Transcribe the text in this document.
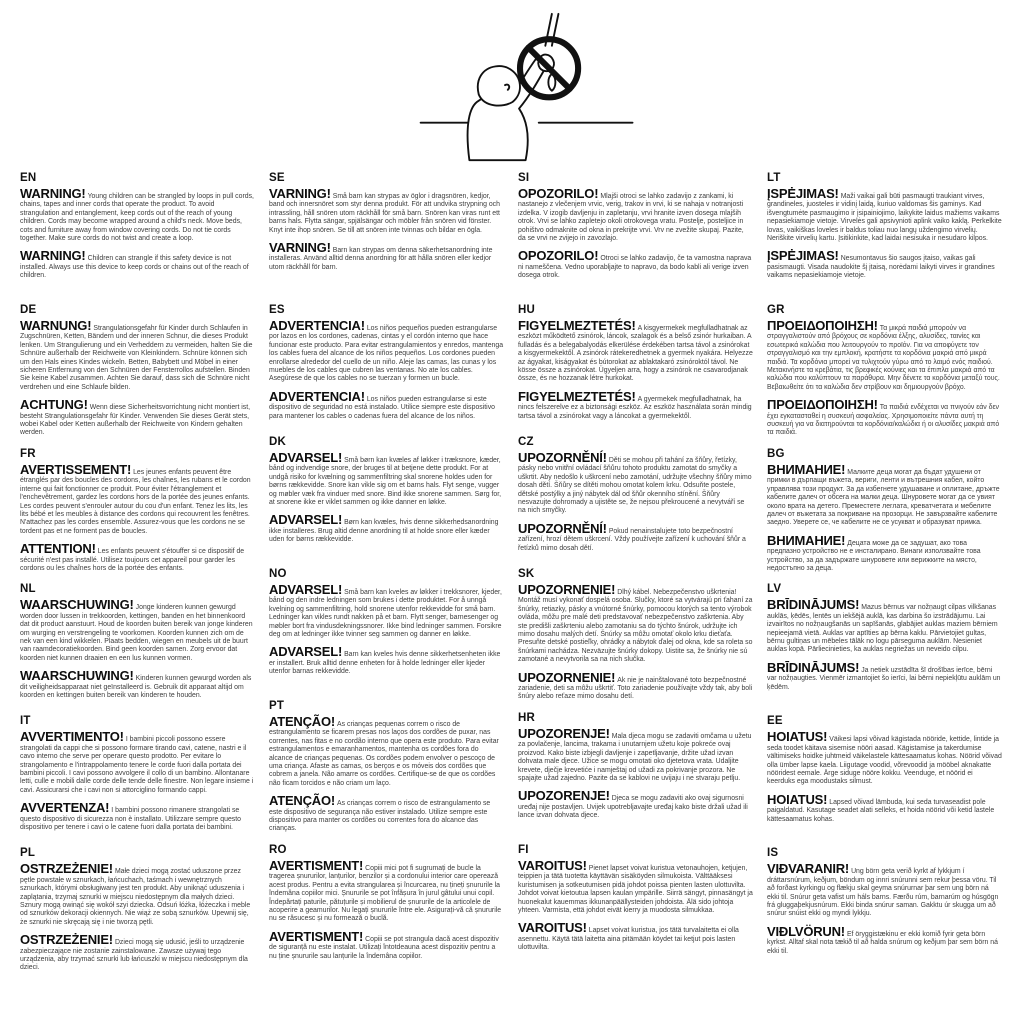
EN

WARNING! Young children can be strangled by loops in pull cords, chains, tapes and inner cords that operate the product. To avoid strangulation and entanglement, keep cords out of the reach of young children. Cords may become wrapped around a child's neck. Move beds, cots and furniture away from window covering cords. Do not tie cords together. Make sure cords do not twist and create a loop.

WARNING! Children can strangle if this safety device is not installed. Always use this device to keep cords or chains out of the reach of children.

DE

WARNUNG! Strangulationsgefahr für Kinder durch Schlaufen in Zugschnüren, Ketten, Bändern und der inneren Schnur, die dieses Produkt lenken. Um Strangulierung und ein Verheddern zu vermeiden, halten Sie die Schnüre außerhalb der Reichweite von Kleinkindern. Schnüre können sich um den Hals eines Kindes wickeln. Betten, Babybett und Möbel in einer sicheren Entfernung von den Schnüren der Fensterrollos aufstellen. Binden Sie keine Kabel zusammen. Achten Sie darauf, dass sich die Schnüre nicht verdrehen und eine Schlaufe bilden.

ACHTUNG! Wenn diese Sicherheitsvorrichtung nicht montiert ist, besteht Strangulationsgefahr für Kinder. Verwenden Sie dieses Gerät stets, wobei Kabel oder Ketten außerhalb der Reichweite von Kindern gehalten werden.

FR

AVERTISSEMENT! Les jeunes enfants peuvent être étranglés par des boucles des cordons, les chaînes, les rubans et le cordon interne qui fait fonctionner ce produit. Pour éviter l'étranglement et l'enchevêtrement, gardez les cordons hors de la portée des jeunes enfants. Les cordes peuvent s'enrouler autour du cou d'un enfant. Tenez les lits, les lits bébé et les meubles à distance des cordons qui recouvrent les fenêtres. N'attachez pas les cordes ensemble. Assurez-vous que les cordons ne se tordent pas et ne forment pas de boucles.

ATTENTION! Les enfants peuvent s'étouffer si ce dispositif de sécurité n'est pas installé. Utilisez toujours cet appareil pour garder les cordons ou les chaînes hors de la portée des enfants.

NL

WAARSCHUWING! Jonge kinderen kunnen gewurgd worden door lussen in trekkoorden, kettingen, banden en het binnenkoord dat dit product aanstuurt. Houd de koorden buiten bereik van jonge kinderen om wurging en verstrengeling te voorkomen. Koorden kunnen zich om de nek van een kind wikkelen. Plaats bedden, wiegen en meubels uit de buurt van raamdecoratiekoorden. Bind geen koorden samen. Zorg ervoor dat koorden niet kunnen draaien en een lus kunnen vormen.

WAARSCHUWING! Kinderen kunnen gewurgd worden als dit veiligheidsapparaat niet geïnstalleerd is. Gebruik dit apparaat altijd om koorden en kettingen buiten bereik van kinderen te houden.

IT

AVVERTIMENTO! I bambini piccoli possono essere strangolati da cappi che si possono formare tirando cavi, catene, nastri e il cavo interno che serve per operare questo prodotto. Per evitare lo strangolamento e l'intrappolamento tenere le corde fuori dalla portata dei bambini piccoli. I cavi possono avvolgere il collo di un bambino. Allontanare letti, culle e mobili dalle corde delle tende delle finestre. Non legare insieme i cavi. Assicurarsi che i cavi non si attorciglino formando cappi.

AVVERTENZA! I bambini possono rimanere strangolati se questo dispositivo di sicurezza non è installato. Utilizzare sempre questo dispositivo per tenere i cavi o le catene fuori dalla portata dei bambini.

PL

OSTRZEŻENIE! Małe dzieci mogą zostać uduszone przez pętle powstałe w sznurkach, łańcuchach, taśmach i wewnętrznych sznurkach, którymi obsługiwany jest ten produkt. Aby uniknąć uduszenia i zaplątania, trzymaj sznurki w miejscu niedostępnym dla małych dzieci. Sznury mogą owinąć się wokół szyi dziecka. Odsuń łóżka, łóżeczka i meble od sznurków dekoracji okiennych. Nie wiąż ze sobą sznurków. Upewnij się, że sznurki nie skręcają się i nie tworzą pętli.

OSTRZEŻENIE! Dzieci mogą się udusić, jeśli to urządzenie zabezpieczające nie zostanie zainstalowane. Zawsze używaj tego urządzenia, aby trzymać sznurki lub łańcuszki w miejscu niedostępnym dla dzieci.

SE

VARNING! Små barn kan strypas av öglor i dragsnören, kedjor, band och innersnöret som styr denna produkt. För att undvika strypning och intrassling, håll snören utom räckhåll för små barn. Snören kan viras runt ett barns hals. Flytta sängar, spjälsängar och möbler från snören vid fönster. Knyt inte ihop snören. Se till att snören inte tvinnas och bildar en ögla.

VARNING! Barn kan strypas om denna säkerhetsanordning inte installeras. Använd alltid denna anordning för att hålla snören eller kedjor utom räckhåll för barn.

ES

ADVERTENCIA! Los niños pequeños pueden estrangularse por lazos en los cordones, cadenas, cintas y el cordón interno que hace funcionar este producto. Para evitar estrangulamientos y enredos, mantenga los cables fuera del alcance de los niños pequeños. Los cordones pueden enrollarse alrededor del cuello de un niño. Aleje las camas, las cunas y los muebles de los cables que cubren las ventanas. No ate los cables. Asegúrese de que los cables no se tuerzan y formen un bucle.

ADVERTENCIA! Los niños pueden estrangularse si este dispositivo de seguridad no está instalado. Utilice siempre este dispositivo para mantener los cables o cadenas fuera del alcance de los niños.

DK

ADVARSEL! Små børn kan kvæles af løkker i træksnore, kæder, bånd og indvendige snore, der bruges til at betjene dette produkt. For at undgå risiko for kvælning og sammenfiltring skal snorene holdes uden for børns rækkevidde. Snore kan vikle sig om et barns hals. Flyt senge, vugger og møbler væk fra vinduer med snore. Bind ikke snorene sammen. Sørg for, at snorene ikke er viklet sammen og ikke danner en løkke.

ADVARSEL! Børn kan kvæles, hvis denne sikkerhedsanordning ikke installeres. Brug altid denne anordning til at holde snore eller kæder uden for børns rækkevidde.

NO

ADVARSEL! Små barn kan kveles av løkker i trekksnorer, kjeder, bånd og den indre ledningen som brukes i dette produktet. For å unngå kvelning og sammenfiltring, hold snorene utenfor rekkevidde for små barn. Ledninger kan vikles rundt nakken på et barn. Flytt senger, barnesenger og møbler bort fra vindusdekningssnorer. Ikke bind ledninger sammen. Forsikre deg om at ledninger ikke tvinner seg sammen og danner en løkke.

ADVARSEL! Barn kan kveles hvis denne sikkerhetsenheten ikke er installert. Bruk alltid denne enheten for å holde ledninger eller kjeder utenfor barnas rekkevidde.

PT

ATENÇÃO! As crianças pequenas correm o risco de estrangulamento se ficarem presas nos laços dos cordões de puxar, nas correntes, nas fitas e no cordão interno que opera este produto. Para evitar estrangulamentos e emaranhamentos, mantenha os cordões fora do alcance de crianças pequenas. Os cordões podem envolver o pescoço de uma criança. Afaste as camas, os berços e os móveis dos cordões que cobrem a janela. Não amarre os cordões. Certifique-se de que os cordões não ficam torcidos e não criam um laço.

ATENÇÃO! As crianças correm o risco de estrangulamento se este dispositivo de segurança não estiver instalado. Utilize sempre este dispositivo para manter os cordões ou correntes fora do alcance das crianças.

RO

AVERTISMENT! Copiii mici pot fi sugrumați de bucle la tragerea șnururilor, lanțurilor, benzilor și a cordonului interior care operează acest produs. Pentru a evita strangularea și încurcarea, nu țineți șnururile la îndemâna copiilor mici. Șnururile se pot înfășura în jurul gâtului unui copil. Îndepărtați paturile, pătuțurile și mobilierul de șnururile de la articolele de acoperire a geamurilor. Nu legați șnururile între ele. Asigurați-vă că șnururile nu se răsucesc și nu formează o buclă.

AVERTISMENT! Copiii se pot strangula dacă acest dispozitiv de siguranță nu este instalat. Utilizați întotdeauna acest dispozitiv pentru a nu ține șnururile sau lanțurile la îndemâna copiilor.

SI

OPOZORILO! Mlajši otroci se lahko zadavijo z zankami, ki nastanejo z vlečenjem vrvic, verig, trakov in vrvi, ki se nahaja v notranjosti izdelka. V izogib davljenju in zapletanju, vrvi hranite izven dosega mlajših otrok. Vrvi se lahko zapletejo okoli otrokovega vratu. Postelje, posteljice in pohištvo odmaknite od okna in prekrijte vrvi. Vrv ne zvežite skupaj. Pazite, da se vrvi ne zvijejo in zavozlajo.

OPOZORILO! Otroci se lahko zadavijo, če ta varnostna naprava ni nameščena. Vedno uporabljajte to napravo, da bodo kabli ali verige izven dosega otrok.

HU

FIGYELMEZTETÉS! A kisgyermekek megfulladhatnak az eszközt működtető zsinórok, láncok, szalagok és a belső zsinór hurkaiban. A fulladás és a belegabalyodás elkerülése érdekében tartsa távol a zsinórokat a kisgyermekektől. A zsinórok rátekeredhetnek a gyermek nyakára. Helyezze az ágyakat, kiságyakat és bútorokat az ablaktakaró zsinóroktól távol. Ne kösse össze a zsinórokat. Ügyeljen arra, hogy a zsinórok ne csavarodjanak össze, és ne hozzanak létre hurkokat.

FIGYELMEZTETÉS! A gyermekek megfulladhatnak, ha nincs felszerelve ez a biztonsági eszköz. Az eszköz használata során mindig tartsa távol a zsinórokat vagy a láncokat a gyermekektől.

CZ

UPOZORNĚNÍ! Děti se mohou při tahání za šňůry, řetízky, pásky nebo vnitřní ovládací šňůru tohoto produktu zamotat do smyčky a uškrtit. Aby nedošlo k uškrcení nebo zamotání, udržujte všechny šňůry mimo dosah dětí. Šňůry se dítěti mohou omotat kolem krku. Odsuňte postele, dětské postýlky a jiný nábytek dál od šňůr okenního stínění. Šňůry nesvazujte dohromady a ujistěte se, že nejsou překroucené a nevytváří se na nich smyčky.

UPOZORNĚNÍ! Pokud nenainstalujete toto bezpečnostní zařízení, hrozí dětem uškrcení. Vždy používejte zařízení k uchování šňůr a řetízků mimo dosah dětí.

SK

UPOZORNENIE! Dlhý kábel. Nebezpečenstvo uškrtenia! Montáž musí vykonať dospelá osoba. Slučky, ktoré sa vytvárajú pri ťahaní za šnúrky, retiazky, pásky a vnútorné šnúrky, pomocou ktorých sa tento výrobok ovláda, môžu pre malé deti predstavovať nebezpečenstvo zaškrtenia. Aby ste predišli zaškrteniu alebo zamotaniu sa do týchto šnúrok, udržujte ich mimo dosahu malých detí. Šnúrky sa môžu omotať okolo krku dieťaťa. Presuňte detské postieľky, ohrádky a nábytok ďalej od okna, kde sa roleta so šnúrkami nachádza. Nezväzujte šnúrky dokopy. Uistite sa, že šnúrky nie sú zamotané a nevytvorila sa na nich slučka.

UPOZORNENIE! Ak nie je nainštalované toto bezpečnostné zariadenie, deti sa môžu uškrtiť. Toto zariadenie používajte vždy tak, aby boli šnúry alebo reťaze mimo dosahu detí.

HR

UPOZORENJE! Mala djeca mogu se zadaviti omčama u užetu za povlačenje, lancima, trakama i unutarnjem užetu koje pokreće ovaj proizvod. Kako biste izbjegli davljenje i zapetljavanje, držite užad izvan dohvata male djece. Užice se mogu omotati oko djetetova vrata. Udaljite krevete, dječje krevetiće i namještaj od užadi za pokrivanje prozora. Ne spajajte užad zajedno. Pazite da se kablovi ne uvijaju i ne stvaraju petlju.

UPOZORENJE! Djeca se mogu zadaviti ako ovaj sigurnosni uređaj nije postavljen. Uvijek upotrebljavajte uređaj kako biste držali užad ili lance izvan dohvata djece.

FI

VAROITUS! Pienet lapset voivat kuristua vetonauhojen, ketjujen, teippien ja tätä tuotetta käyttävän sisäköyden silmukoista. Välttääksesi kuristumisen ja sotkeutumisen pidä johdot poissa pienten lasten ulottuvilta. Johdot voivat kietoutua lapsen kaulan ympärille. Siirrä sängyt, pinnasängyt ja huonekalut kauemmas ikkunanpäällysteiden johdoista. Älä sido johtoja yhteen. Varmista, että johdot eivät kierry ja muodosta silmukkaa.

VAROITUS! Lapset voivat kuristua, jos tätä turvalaitetta ei olla asennettu. Käytä tätä laitetta aina pitämään köydet tai ketjut pois lasten ulottuvilta.

LT

ĮSPĖJIMAS! Maži vaikai gali būti pasmaugti traukiant virves, grandineles, juosteles ir vidinį laidą, kuriuo valdomas šis gaminys. Kad išvengtumėte pasmaugimo ir įsipainiojimo, laikykite laidus mažiems vaikams nepasiekiamoje vietoje. Virvelės gali apsivynioti aplink vaiko kaklą. Perkelkite lovas, vaikiškas loveles ir baldus toliau nuo langų uždengimo virvelių. Neriškite virvelių kartu. Įsitikinkite, kad laidai nesisuka ir nesudaro kilpos.

ĮSPĖJIMAS! Nesumontavus šio saugos įtaiso, vaikas gali pasismaugti. Visada naudokite šį įtaisą, norėdami laikyti virves ir grandines vaikams nepasiekiamoje vietoje.

GR

ΠΡΟΕΙΔΟΠΟΙΗΣΗ! Τα μικρά παιδιά μπορούν να στραγγαλιστούν από βρόχους σε κορδόνια έλξης, αλυσίδες, ταινίες και εσωτερικά καλώδια που λειτουργούν το προϊόν. Για να αποφύγετε τον στραγγαλισμό και την εμπλοκή, κρατήστε τα κορδόνια μακριά από μικρά παιδιά. Τα κορδόνια μπορεί να τυλιχτούν γύρω από το λαιμό ενός παιδιού. Μετακινήστε τα κρεβάτια, τις βρεφικές κούνιες και τα έπιπλα μακριά από τα καλώδια που καλύπτουν τα παράθυρα. Μην δένετε τα κορδόνια μεταξύ τους. Βεβαιωθείτε ότι τα καλώδια δεν στρίβουν και δημιουργούν βρόχο.

ΠΡΟΕΙΔΟΠΟΙΗΣΗ! Τα παιδιά ενδέχεται να πνιγούν εάν δεν έχει εγκατασταθεί η συσκευή ασφαλείας. Χρησιμοποιείτε πάντα αυτή τη συσκευή για να διατηρούνται τα κορδόνια/καλώδια ή οι αλυσίδες μακριά από τα παιδιά.

BG

ВНИМАНИЕ! Малките деца могат да бъдат удушени от примки в дърпащи въжета, вериги, ленти и вътрешния кабел, който управлява този продукт. За да избегнете удушаване и оплитане, дръжте кабелите далеч от обсега на малки деца. Шнуровете могат да се увият около врата на детето. Преместете леглата, креватчетата и мебелите далеч от въжетата за покриване на прозорци. Не завързвайте кабелите заедно. Уверете се, че кабелите не се усукват и образуват примка.

ВНИМАНИЕ! Децата може да се задушат, ако това предпазно устройство не е инсталирано. Винаги използвайте това устройство, за да задържате шнуровете или верижките на място, недостъпно за деца.

LV

BRĪDINĀJUMS! Mazus bērnus var nožņaugt cilpas vilkšanas auklās, ķēdēs, lentēs un iekšējā auklā, kas darbina šo izstrādājumu. Lai izvairītos no nožņaugšanās un sapīšanās, glabājiet auklas maziem bērniem nepieejamā vietā. Auklas var aptīties ap bērna kaklu. Pārvietojiet gultas, bērnu gultiņas un mēbeles tālāk no logu pārseguma auklām. Nesieniet auklas kopā. Pārliecinieties, ka auklas negriežas un neveido cilpu.

BRĪDINĀJUMS! Ja netiek uzstādīta šī drošības ierīce, bērni var nožņaugties. Vienmēr izmantojiet šo ierīci, lai bērni nepiekļūtu auklām un ķēdēm.

EE

HOIATUS! Väikesi lapsi võivad kägistada nööride, kettide, lintide ja seda toodet käitava sisemise nööri aasad. Kägistamise ja takerdumise vältimiseks hoidke juhtmeid väikelastele kättesaamatus kohas. Nöörid võivad olla ümber lapse kaela. Liigutage voodid, võrevoodid ja mööbel aknakatte nööridest eemale. Ärge siduge nööre kokku. Veenduge, et nöörid ei keerduks ega moodustaks silmust.

HOIATUS! Lapsed võivad lämbuda, kui seda turvaseadist pole paigaldatud. Kasutage seadet alati selleks, et hoida nöörid või ketid lastele kättesaamatus kohas.

IS

VIÐVARANIR! Ung börn geta verið kyrkt af lykkjum í dráttarsnúrum, keðjum, böndum og innri snúrunni sem rekur þessa vöru. Til að forðast kyrkingu og flækju skal geyma snúrurnar þar sem ung börn ná ekki til. Snúrur geta vafist um háls barns. Færðu rúm, barnarúm og húsgögn frá gluggaþekjusnúrum. Ekki binda snúrur saman. Gakktu úr skugga um að snúrur snúist ekki og myndi lykkju.

VIÐLVÖRUN! Ef öryggistækinu er ekki komið fyrir geta börn kyrkst. Alltaf skal nota tækið til að halda snúrum og keðjum þar sem börn ná ekki til.
